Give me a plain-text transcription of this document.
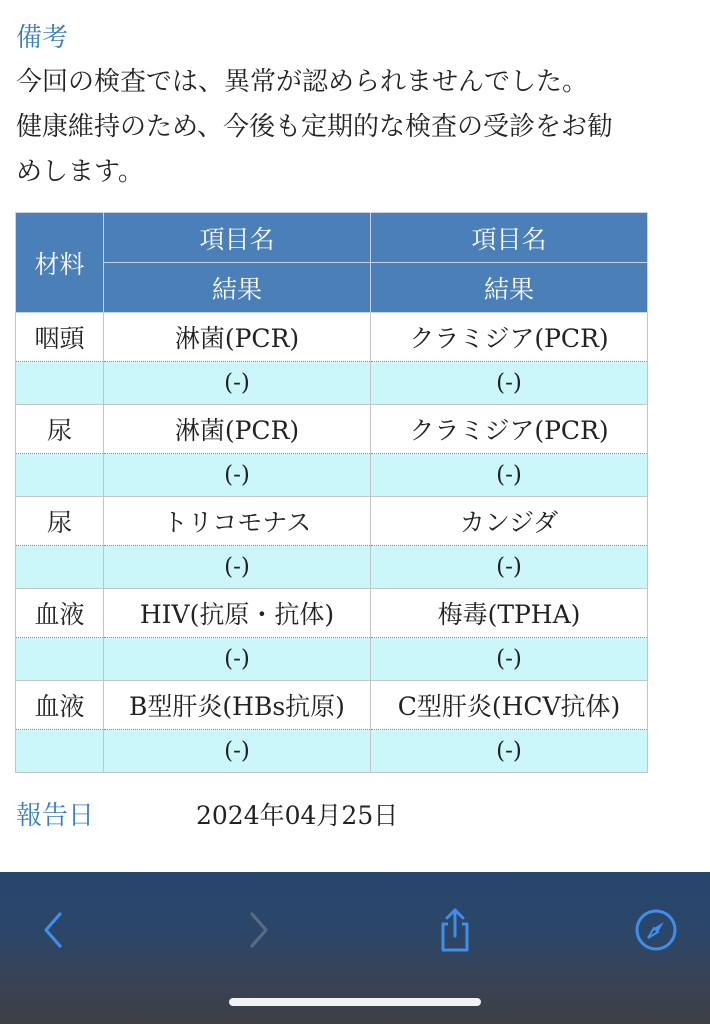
備考
今回の検査では、異常が認められませんでした。
健康維持のため、今後も定期的な検査の受診をお勧
めします。
材料	項目名	項目名
	結果	結果
咽頭	淋菌(PCR)	クラミジア(PCR)
	(-)	(-)
尿	淋菌(PCR)	クラミジア(PCR)
	(-)	(-)
尿	トリコモナス	カンジダ
	(-)	(-)
血液	HIV(抗原・抗体)	梅毒(TPHA)
	(-)	(-)
血液	B型肝炎(HBs抗原)	C型肝炎(HCV抗体)
	(-)	(-)
報告日	2024年04月25日
